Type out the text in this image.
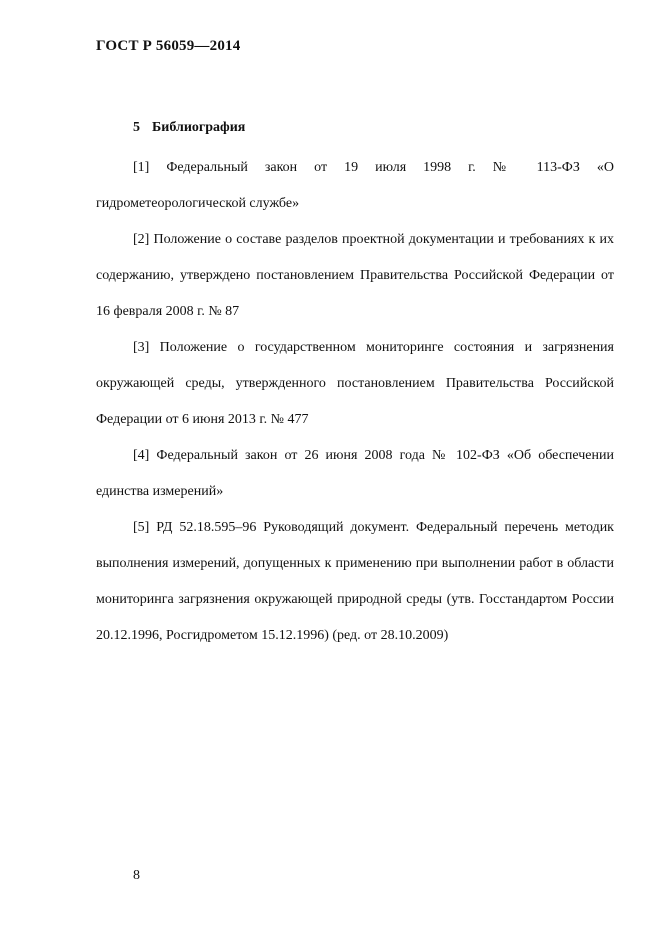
ГОСТ Р 56059—2014
5 Библиография

[1] Федеральный закон от 19 июля 1998 г. № 113-ФЗ «О гидрометеорологической службе»

[2] Положение о составе разделов проектной документации и требованиях к их содержанию, утверждено постановлением Правительства Российской Федерации от 16 февраля 2008 г. № 87

[3] Положение о государственном мониторинге состояния и загрязнения окружающей среды, утвержденного постановлением Правительства Российской Федерации от 6 июня 2013 г. № 477

[4] Федеральный закон от 26 июня 2008 года № 102-ФЗ «Об обеспечении единства измерений»

[5] РД 52.18.595–96 Руководящий документ. Федеральный перечень методик выполнения измерений, допущенных к применению при выполнении работ в области мониторинга загрязнения окружающей природной среды (утв. Госстандартом России 20.12.1996, Росгидрометом 15.12.1996) (ред. от 28.10.2009)

8
